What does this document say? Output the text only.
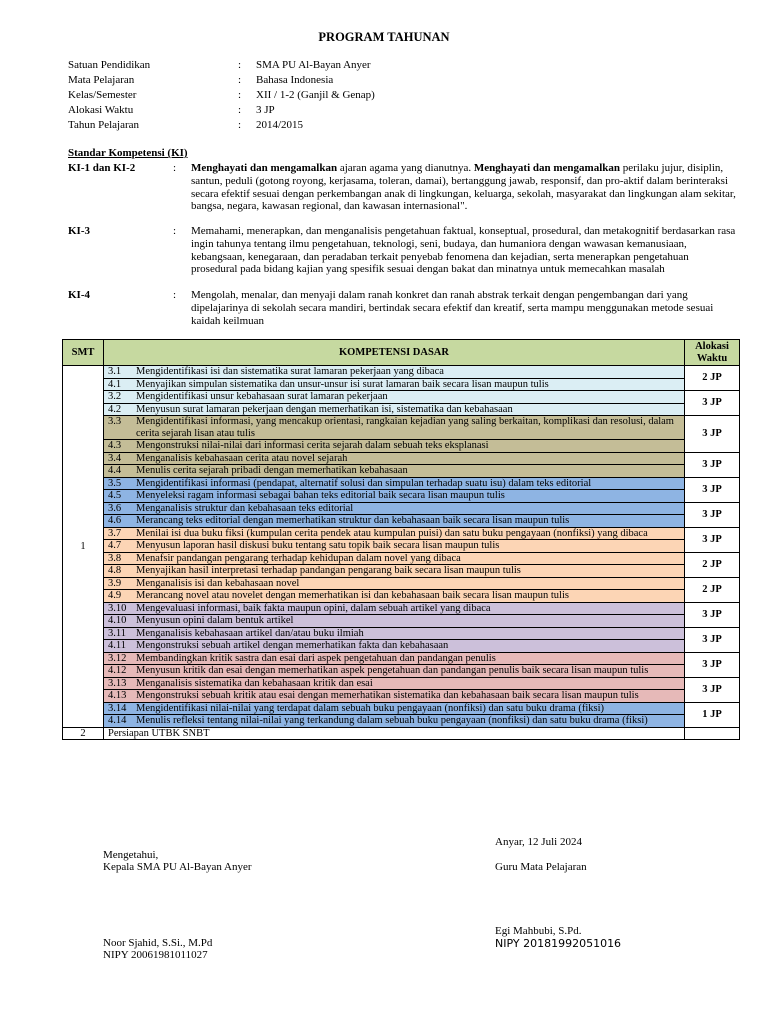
PROGRAM TAHUNAN
Satuan Pendidikan	:	SMA PU Al-Bayan Anyer
Mata Pelajaran	:	Bahasa Indonesia
Kelas/Semester	:	XII / 1-2 (Ganjil & Genap)
Alokasi Waktu	:	3 JP
Tahun Pelajaran	:	2014/2015
Standar Kompetensi (KI)
KI-1 dan KI-2	:	Menghayati dan mengamalkan ajaran agama yang dianutnya. Menghayati dan mengamalkan perilaku jujur, disiplin, santun, peduli (gotong royong, kerjasama, toleran, damai), bertanggung jawab, responsif, dan pro-aktif dalam berinteraksi secara efektif sesuai dengan perkembangan anak di lingkungan, keluarga, sekolah, masyarakat dan lingkungan alam sekitar, bangsa, negara, kawasan regional, dan kawasan internasional".
KI-3	:	Memahami, menerapkan, dan menganalisis pengetahuan faktual, konseptual, prosedural, dan metakognitif berdasarkan rasa ingin tahunya tentang ilmu pengetahuan, teknologi, seni, budaya, dan humaniora dengan wawasan kemanusiaan, kebangsaan, kenegaraan, dan peradaban terkait penyebab fenomena dan kejadian, serta menerapkan pengetahuan prosedural pada bidang kajian yang spesifik sesuai dengan bakat dan minatnya untuk memecahkan masalah
KI-4	:	Mengolah, menalar, dan menyaji dalam ranah konkret dan ranah abstrak terkait dengan pengembangan dari yang dipelajarinya di sekolah secara mandiri, bertindak secara efektif dan kreatif, serta mampu menggunakan metode sesuai kaidah keilmuan
SMT	KOMPETENSI DASAR	Alokasi Waktu
1	3.1 Mengidentifikasi isi dan sistematika surat lamaran pekerjaan yang dibaca	2 JP

	4.1 Menyajikan simpulan sistematika dan unsur-unsur isi surat lamaran baik secara lisan maupun tulis	

	3.2 Mengidentifikasi unsur kebahasaan surat lamaran pekerjaan	3 JP

	4.2 Menyusun surat lamaran pekerjaan dengan memerhatikan isi, sistematika dan kebahasaan	

	3.3 Mengidentifikasi informasi, yang mencakup orientasi, rangkaian kejadian yang saling berkaitan, komplikasi dan resolusi, dalam cerita sejarah lisan atau tulis	3 JP

	4.3 Mengonstruksi nilai-nilai dari informasi cerita sejarah dalam sebuah teks eksplanasi	

	3.4 Menganalisis kebahasaan cerita atau novel sejarah	3 JP

	4.4 Menulis cerita sejarah pribadi dengan memerhatikan kebahasaan	

	3.5 Mengidentifikasi informasi (pendapat, alternatif solusi dan simpulan terhadap suatu isu) dalam teks editorial	3 JP

	4.5 Menyeleksi ragam informasi sebagai bahan teks editorial baik secara lisan maupun tulis	

	3.6 Menganalisis struktur dan kebahasaan teks editorial	3 JP

	4.6 Merancang teks editorial dengan memerhatikan struktur dan kebahasaan baik secara lisan maupun tulis	

	3.7 Menilai isi dua buku fiksi (kumpulan cerita pendek atau kumpulan puisi) dan satu buku pengayaan (nonfiksi) yang dibaca	3 JP

	4.7 Menyusun laporan hasil diskusi buku tentang satu topik baik secara lisan maupun tulis	

	3.8 Menafsir pandangan pengarang terhadap kehidupan dalam novel yang dibaca	2 JP

	4.8 Menyajikan hasil interpretasi terhadap pandangan pengarang baik secara lisan maupun tulis	

	3.9 Menganalisis isi dan kebahasaan novel	2 JP

	4.9 Merancang novel atau novelet dengan memerhatikan isi dan kebahasaan baik secara lisan maupun tulis	

	3.10 Mengevaluasi informasi, baik fakta maupun opini, dalam sebuah artikel yang dibaca	3 JP

	4.10 Menyusun opini dalam bentuk artikel	

	3.11 Menganalisis kebahasaan artikel dan/atau buku ilmiah	3 JP

	4.11 Mengonstruksi sebuah artikel dengan memerhatikan fakta dan kebahasaan	

	3.12 Membandingkan kritik sastra dan esai dari aspek pengetahuan dan pandangan penulis	3 JP

	4.12 Menyusun kritik dan esai dengan memerhatikan aspek pengetahuan dan pandangan penulis baik secara lisan maupun tulis	

	3.13 Menganalisis sistematika dan kebahasaan kritik dan esai	3 JP

	4.13 Mengonstruksi sebuah kritik atau esai dengan memerhatikan sistematika dan kebahasaan baik secara lisan maupun tulis	

	3.14 Mengidentifikasi nilai-nilai yang terdapat dalam sebuah buku pengayaan (nonfiksi) dan satu buku drama (fiksi)	1 JP

	4.14 Menulis refleksi tentang nilai-nilai yang terkandung dalam sebuah buku pengayaan (nonfiksi) dan satu buku drama (fiksi)	

2	Persiapan UTBK SNBT	
Anyar, 12 Juli 2024
Mengetahui,
Kepala SMA PU Al-Bayan Anyer	Guru Mata Pelajaran
Egi Mahbubi, S.Pd.
NIPY 20181992051016
Noor Sjahid, S.Si., M.Pd
NIPY 20061981011027
